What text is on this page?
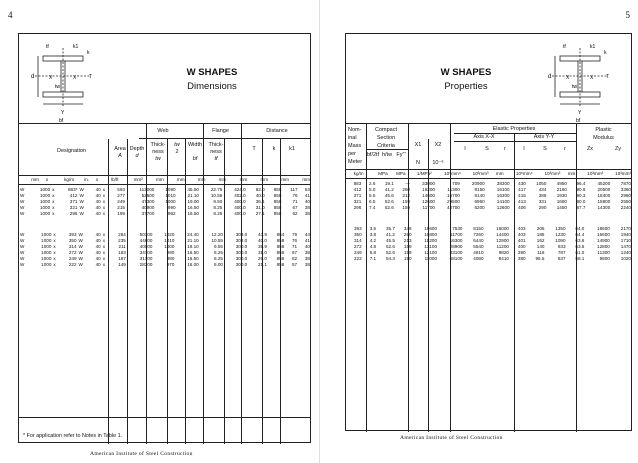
4
tf	k1
k
d	X	X	T
tw
Y
bf
W SHAPES
Dimensions
Web	Flange	Distance
Designation	Area
A
Depth
d
Thick-
ness
tw
tw
2
Width

bf
Thick-
ness
tf
T	k	k1
mm	x	kg/m	in.	x	lb/ft	mm²	mm	mm	mm	mm	mm	mm	mm	mm
W	1000	x	883*	W	40	x	593	113000	1090	45.50	22.75	424.0	82.0	858	117	53
W	1000	x	412	W	40	x	277	52500	1010	21.10	10.55	402.0	40.0	858	76	41
W	1000	x	371	W	40	x	249	47300	1000	19.00	9.50	400.0	36.1	858	71	40
W	1000	x	321	W	40	x	215	40900	990	16.50	8.25	400.0	31.0	858	67	38
W	1000	x	296	W	40	x	199	37700	982	16.50	8.25	400.0	27.1	858	62	38
W	1000	x	393	W	40	x	264	50100	1020	24.40	12.20	303.0	43.9	864	79	44
W	1000	x	350	W	40	x	235	44600	1010	21.10	10.55	302.0	40.0	858	76	41
W	1000	x	314	W	40	x	211	40000	1000	19.10	9.55	300.0	35.9	856	71	40
W	1000	x	272	W	40	x	183	34700	990	16.50	8.25	300.0	31.0	856	67	38
W	1000	x	249	W	40	x	167	31700	980	16.50	8.25	300.0	26.0	856	62	38
W	1000	x	222	W	40	x	149	28300	970	16.00	8.00	300.0	21.1	856	57	38
* For application refer to Notes in Table 1.
American Institute of Steel Construction
5
W SHAPES
Properties
tf	k1
k
d	X	X	T
tw
Y
bf
Nom-
inal
Mass
per
Meter
Compact
Section
Criteria
bf/2tf h/tw Fy'''
X1	X2
N	10⁻⁶
Elastic Properties
Axis X-X	Axis Y-Y
I	S	r	I	S	r
Plastic
Modulus
Zx	Zy
kg/m			MPa	MPa	1/MPa²	10⁶mm⁴	10³mm³	mm	10⁶mm⁴	10³mm³	mm	10³mm³	10³mm³
883	2.6	19.1	—	33000	709	20900	38300	430	1050	4950	96.4	45200	7870
412	5.0	41.2	260	16200	11300	8150	16100	417	434	2160	90.9	20500	3360
371	5.5	45.6	212	14600	16700	8140	16300	415	386	1930	90.3	18400	2980
321	6.5	52.6	159	12600	29500	6960	14100	413	331	1660	90.0	15800	2550
296	7.4	52.6	159	11700	42700	6200	12600	406	290	1450	87.7	14300	2240
393	3.5	35.7	346	19600	7530	8150	16000	403	205	1350	64.0	18600	2170
350	3.8	41.2	260	16800	11700	7260	14400	403	185	1230	64.4	16600	1940
314	4.2	45.5	213	15200	16300	6440	12900	401	162	1090	63.6	14900	1710
272	4.8	52.6	159	13100	28900	5540	11200	400	140	933	63.5	12800	1470
249	5.8	52.6	159	12100	43100	4810	9820	390	118	787	61.0	11300	1240
222	7.1	54.3	150	11000	68100	4080	8410	380	95.5	637	58.1	9800	1020
American Institute of Steel Construction
